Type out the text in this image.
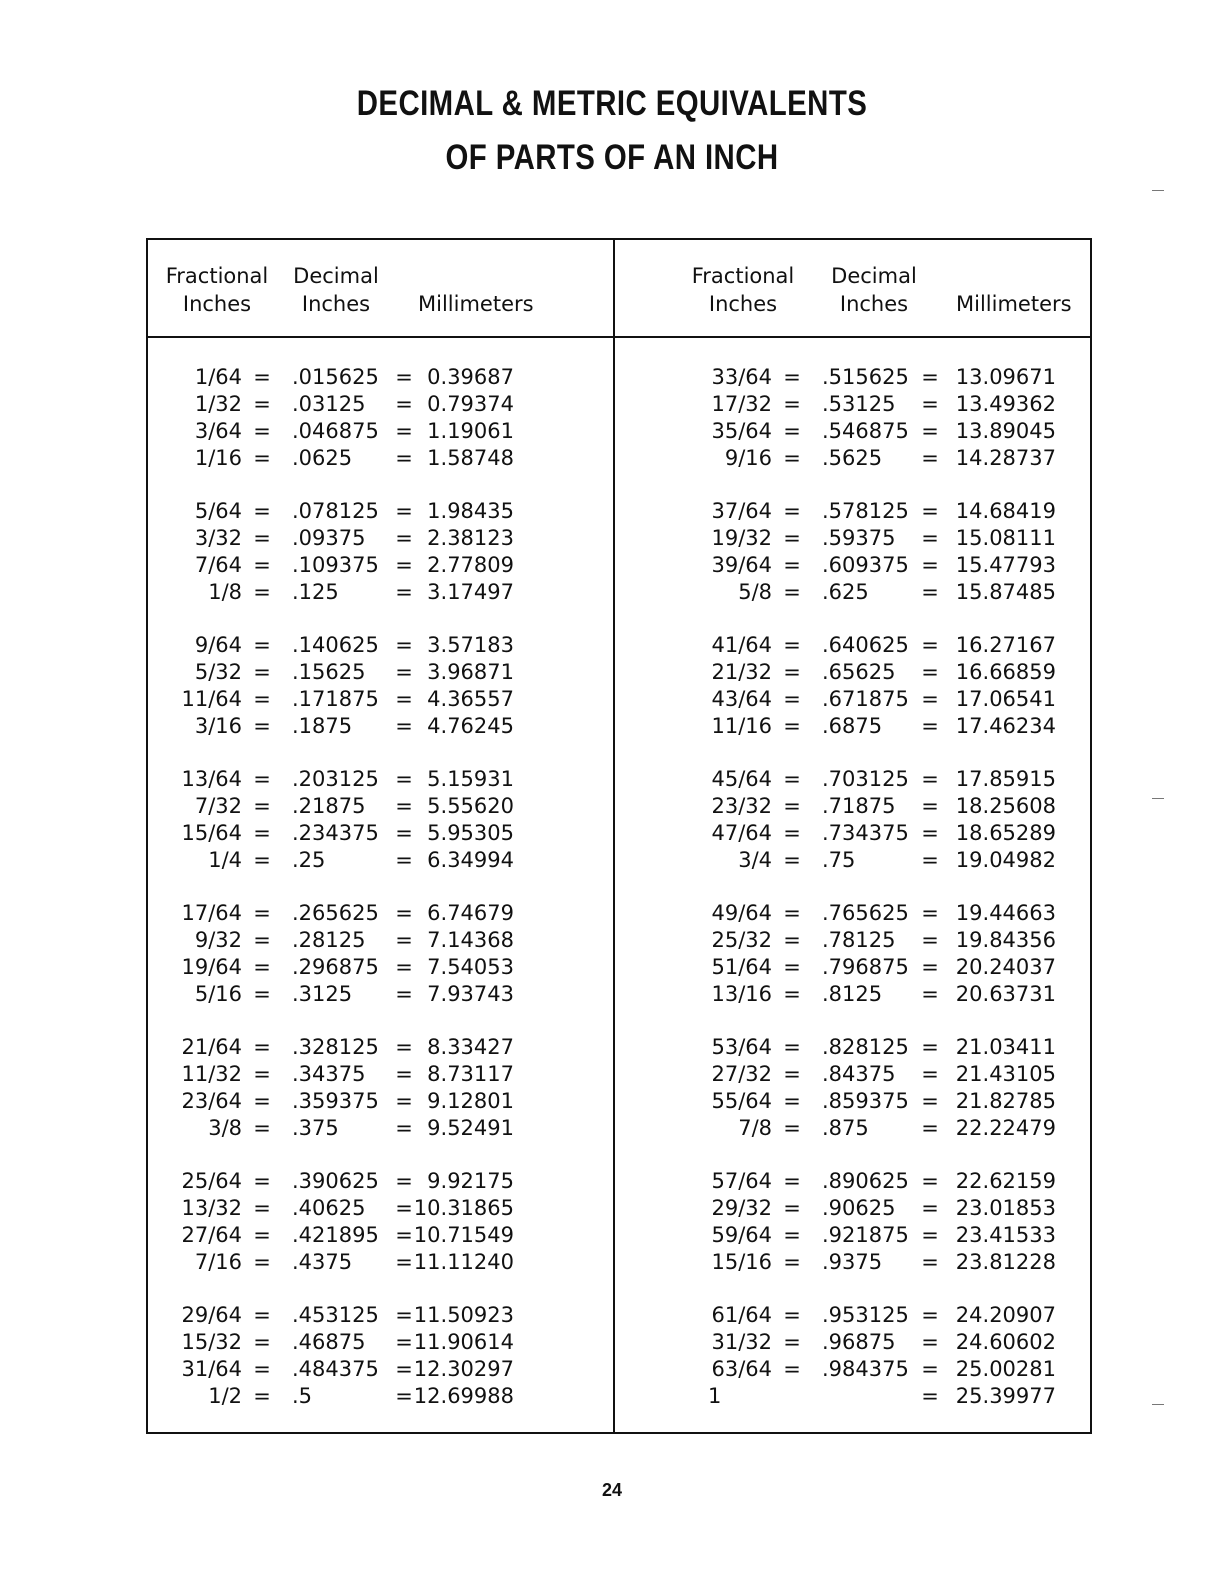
DECIMAL & METRIC EQUIVALENTS
OF PARTS OF AN INCH
Fractional
Inches
Decimal
Inches	Millimeters
Fractional
Inches
Decimal
Inches	Millimeters
1/64 = .015625 = 0.39687
1/32 = .03125	= 0.79374
3/64 = .046875 = 1.19061
1/16 = .0625	= 1.58748
5/64 = .078125 = 1.98435
3/32 = .09375	= 2.38123
7/64 = .109375 = 2.77809
1/8 = .125	= 3.17497
9/64 = .140625 = 3.57183
5/32 = .15625	= 3.96871
11/64 = .171875 = 4.36557
3/16 = .1875	= 4.76245
13/64 = .203125 = 5.15931
7/32 = .21875	= 5.55620
15/64 = .234375 = 5.95305
1/4 = .25	= 6.34994
17/64 = .265625 = 6.74679
9/32 = .28125	= 7.14368
19/64 = .296875 = 7.54053
5/16 = .3125	= 7.93743
21/64 = .328125 = 8.33427
11/32 = .34375	= 8.73117
23/64 = .359375 = 9.12801
3/8 = .375	= 9.52491
25/64 = .390625 = 9.92175
13/32 = .40625	= 10.31865
27/64 = .421895 = 10.71549
7/16 = .4375	= 11.11240
29/64 = .453125 = 11.50923
15/32 = .46875	= 11.90614
31/64 = .484375 = 12.30297
1/2 = .5	= 12.69988
33/64 = .515625 = 13.09671
17/32 = .53125	= 13.49362
35/64 = .546875 = 13.89045
9/16 = .5625	= 14.28737
37/64 = .578125 = 14.68419
19/32 = .59375	= 15.08111
39/64 = .609375 = 15.47793
5/8 = .625	= 15.87485
41/64 = .640625 = 16.27167
21/32 = .65625	= 16.66859
43/64 = .671875 = 17.06541
11/16 = .6875	= 17.46234
45/64 = .703125 = 17.85915
23/32 = .71875	= 18.25608
47/64 = .734375 = 18.65289
3/4 = .75	= 19.04982
49/64 = .765625 = 19.44663
25/32 = .78125	= 19.84356
51/64 = .796875 = 20.24037
13/16 = .8125	= 20.63731
53/64 = .828125 = 21.03411
27/32 = .84375	= 21.43105
55/64 = .859375 = 21.82785
7/8 = .875	= 22.22479
57/64 = .890625 = 22.62159
29/32 = .90625	= 23.01853
59/64 = .921875 = 23.41533
15/16 = .9375	= 23.81228
61/64 = .953125 = 24.20907
31/32 = .96875	= 24.60602
63/64 = .984375 = 25.00281
1	= 25.39977
24
